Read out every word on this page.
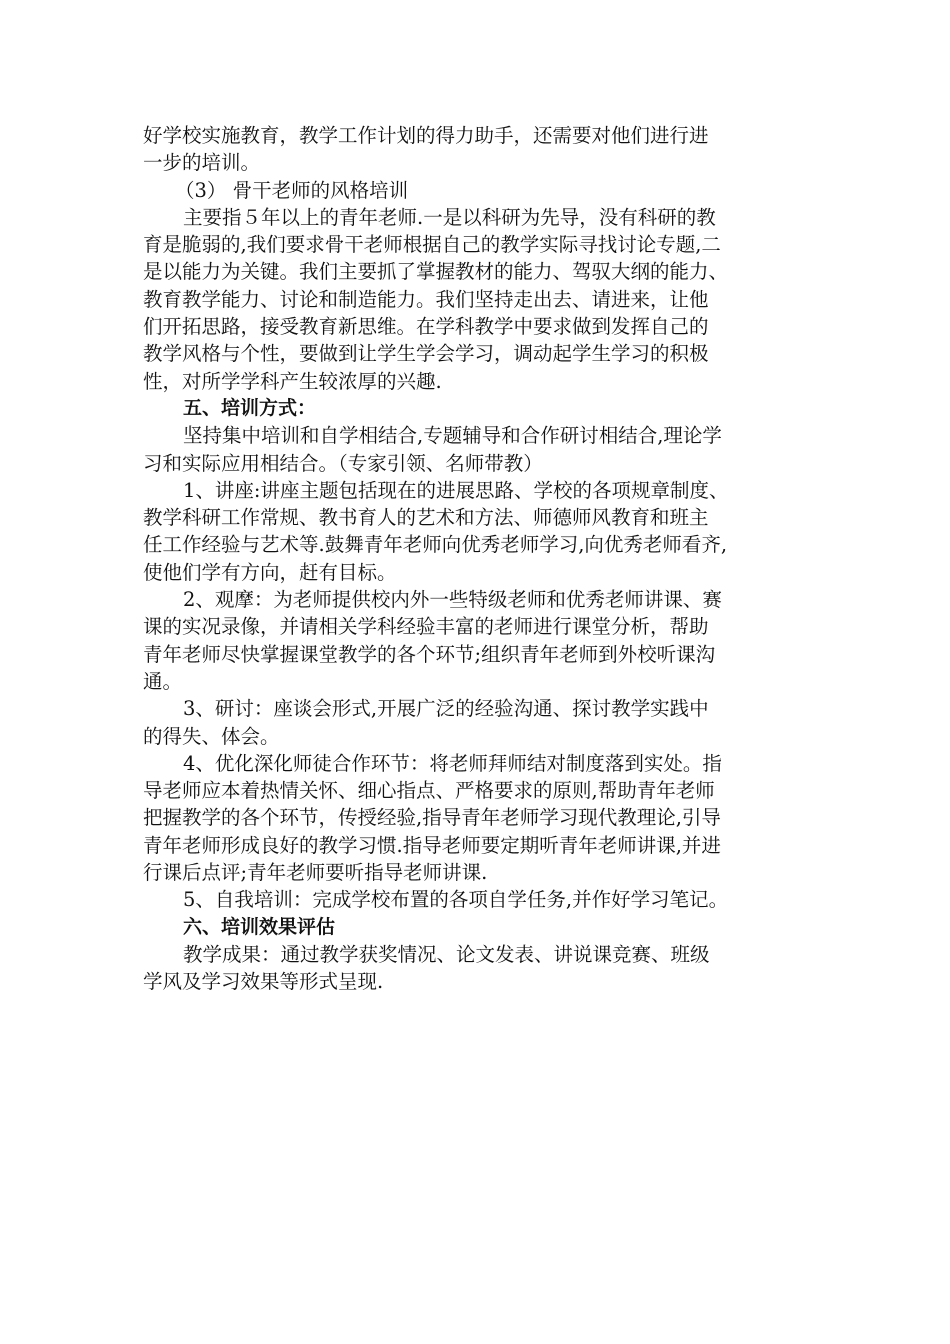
好学校实施教育，教学工作计划的得力助手，还需要对他们进行进
一步的培训。
（3） 骨干老师的风格培训
主要指５年以上的青年老师.一是以科研为先导，没有科研的教
育是脆弱的,我们要求骨干老师根据自己的教学实际寻找讨论专题,二
是以能力为关键。我们主要抓了掌握教材的能力、驾驭大纲的能力、
教育教学能力、讨论和制造能力。我们坚持走出去、请进来，让他
们开拓思路，接受教育新思维。在学科教学中要求做到发挥自己的
教学风格与个性，要做到让学生学会学习，调动起学生学习的积极
性，对所学学科产生较浓厚的兴趣.
五、培训方式：
坚持集中培训和自学相结合,专题辅导和合作研讨相结合,理论学
习和实际应用相结合。（专家引领、名师带教）
1、讲座:讲座主题包括现在的进展思路、学校的各项规章制度、
教学科研工作常规、教书育人的艺术和方法、师德师风教育和班主
任工作经验与艺术等.鼓舞青年老师向优秀老师学习,向优秀老师看齐,
使他们学有方向，赶有目标。
2、观摩：为老师提供校内外一些特级老师和优秀老师讲课、赛
课的实况录像，并请相关学科经验丰富的老师进行课堂分析，帮助
青年老师尽快掌握课堂教学的各个环节;组织青年老师到外校听课沟
通。
3、研讨：座谈会形式,开展广泛的经验沟通、探讨教学实践中
的得失、体会。
4、优化深化师徒合作环节：将老师拜师结对制度落到实处。指
导老师应本着热情关怀、细心指点、严格要求的原则,帮助青年老师
把握教学的各个环节，传授经验,指导青年老师学习现代教理论,引导
青年老师形成良好的教学习惯.指导老师要定期听青年老师讲课,并进
行课后点评;青年老师要听指导老师讲课.
5、自我培训：完成学校布置的各项自学任务,并作好学习笔记。
六、培训效果评估
教学成果：通过教学获奖情况、论文发表、讲说课竞赛、班级
学风及学习效果等形式呈现.
